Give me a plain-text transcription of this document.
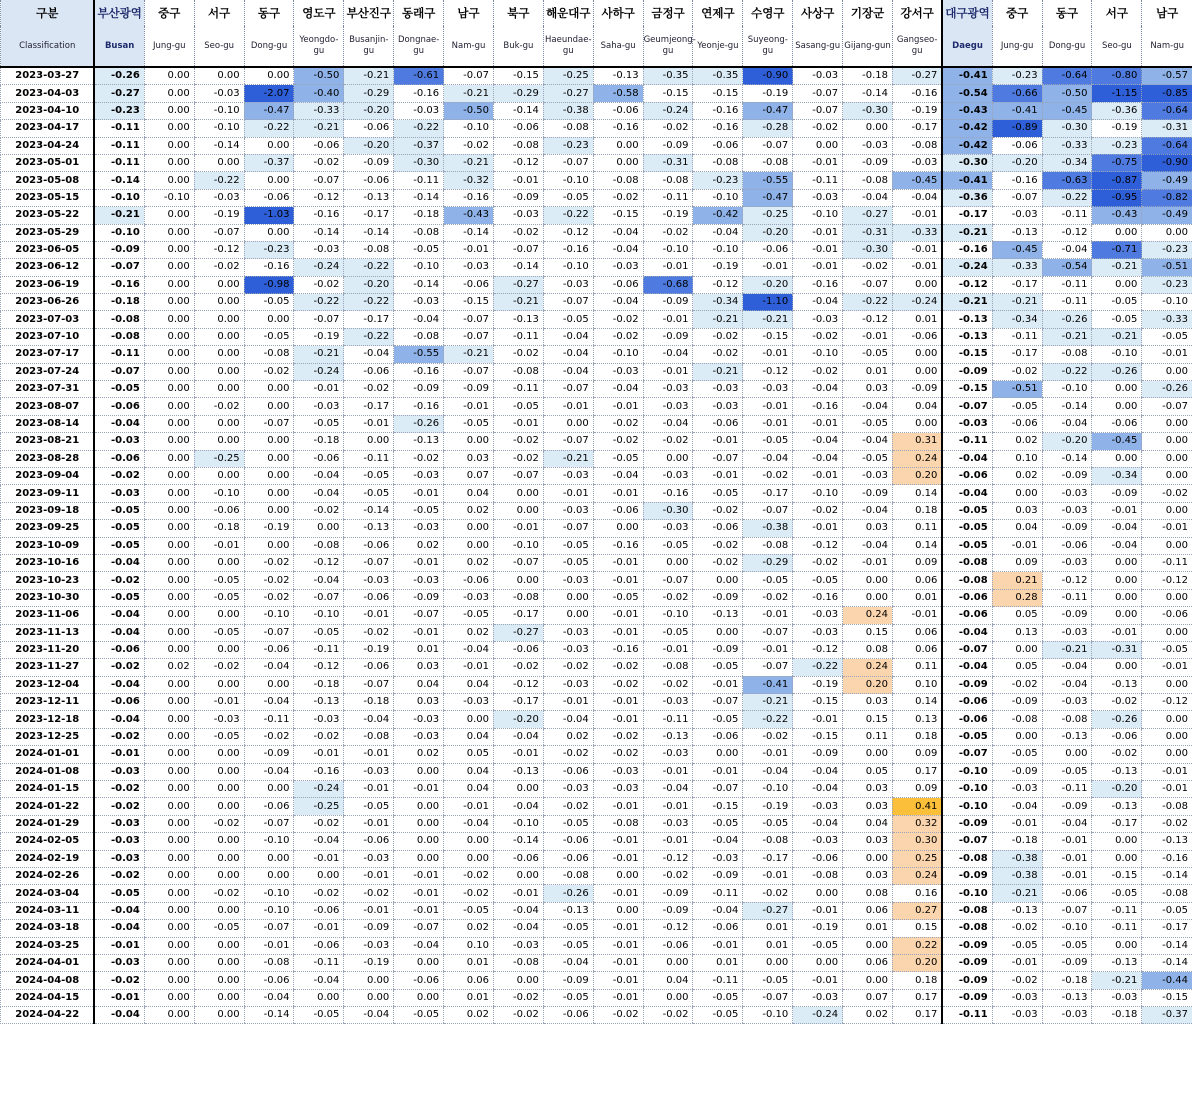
구분	부산광역	중구	서구	동구	영도구	부산진구	동래구	남구	북구	해운대구	사하구	금정구	연제구	수영구	사상구	기장군	강서구	대구광역	중구	동구	서구	남구
Classification	Busan	Jung-gu	Seo-gu	Dong-gu	Yeongdo-gu	Busanjin-gu	Dongnae-gu	Nam-gu	Buk-gu	Haeundae-gu	Saha-gu	Geumjeong-gu	Yeonje-gu	Suyeong-gu	Sasang-gu	Gijang-gun	Gangseo-gu	Daegu	Jung-gu	Dong-gu	Seo-gu	Nam-gu
2023-03-27	-0.26	0.00	0.00	0.00	-0.50	-0.21	-0.61	-0.07	-0.15	-0.25	-0.13	-0.35	-0.35	-0.90	-0.03	-0.18	-0.27	-0.41	-0.23	-0.64	-0.80	-0.57
2023-04-03	-0.27	0.00	-0.03	-2.07	-0.40	-0.29	-0.16	-0.21	-0.29	-0.27	-0.58	-0.15	-0.15	-0.19	-0.07	-0.14	-0.16	-0.54	-0.66	-0.50	-1.15	-0.85
2023-04-10	-0.23	0.00	-0.10	-0.47	-0.33	-0.20	-0.03	-0.50	-0.14	-0.38	-0.06	-0.24	-0.16	-0.47	-0.07	-0.30	-0.19	-0.43	-0.41	-0.45	-0.36	-0.64
2023-04-17	-0.11	0.00	-0.10	-0.22	-0.21	-0.06	-0.22	-0.10	-0.06	-0.08	-0.16	-0.02	-0.16	-0.28	-0.02	0.00	-0.17	-0.42	-0.89	-0.30	-0.19	-0.31
2023-04-24	-0.11	0.00	-0.14	0.00	-0.06	-0.20	-0.37	-0.02	-0.08	-0.23	0.00	-0.09	-0.06	-0.07	0.00	-0.03	-0.08	-0.42	-0.06	-0.33	-0.23	-0.64
2023-05-01	-0.11	0.00	0.00	-0.37	-0.02	-0.09	-0.30	-0.21	-0.12	-0.07	0.00	-0.31	-0.08	-0.08	-0.01	-0.09	-0.03	-0.30	-0.20	-0.34	-0.75	-0.90
2023-05-08	-0.14	0.00	-0.22	0.00	-0.07	-0.06	-0.11	-0.32	-0.01	-0.10	-0.08	-0.08	-0.23	-0.55	-0.11	-0.08	-0.45	-0.41	-0.16	-0.63	-0.87	-0.49
2023-05-15	-0.10	-0.10	-0.03	-0.06	-0.12	-0.13	-0.14	-0.16	-0.09	-0.05	-0.02	-0.11	-0.10	-0.47	-0.03	-0.04	-0.04	-0.36	-0.07	-0.22	-0.95	-0.82
2023-05-22	-0.21	0.00	-0.19	-1.03	-0.16	-0.17	-0.18	-0.43	-0.03	-0.22	-0.15	-0.19	-0.42	-0.25	-0.10	-0.27	-0.01	-0.17	-0.03	-0.11	-0.43	-0.49
2023-05-29	-0.10	0.00	-0.07	0.00	-0.14	-0.14	-0.08	-0.14	-0.02	-0.12	-0.04	-0.02	-0.04	-0.20	-0.01	-0.31	-0.33	-0.21	-0.13	-0.12	0.00	0.00
2023-06-05	-0.09	0.00	-0.12	-0.23	-0.03	-0.08	-0.05	-0.01	-0.07	-0.16	-0.04	-0.10	-0.10	-0.06	-0.01	-0.30	-0.01	-0.16	-0.45	-0.04	-0.71	-0.23
2023-06-12	-0.07	0.00	-0.02	-0.16	-0.24	-0.22	-0.10	-0.03	-0.14	-0.10	-0.03	-0.01	-0.19	-0.01	-0.01	-0.02	-0.01	-0.24	-0.33	-0.54	-0.21	-0.51
2023-06-19	-0.16	0.00	0.00	-0.98	-0.02	-0.20	-0.14	-0.06	-0.27	-0.03	-0.06	-0.68	-0.12	-0.20	-0.16	-0.07	0.00	-0.12	-0.17	-0.11	0.00	-0.23
2023-06-26	-0.18	0.00	0.00	-0.05	-0.22	-0.22	-0.03	-0.15	-0.21	-0.07	-0.04	-0.09	-0.34	-1.10	-0.04	-0.22	-0.24	-0.21	-0.21	-0.11	-0.05	-0.10
2023-07-03	-0.08	0.00	0.00	0.00	-0.07	-0.17	-0.04	-0.07	-0.13	-0.05	-0.02	-0.01	-0.21	-0.21	-0.03	-0.12	0.01	-0.13	-0.34	-0.26	-0.05	-0.33
2023-07-10	-0.08	0.00	0.00	-0.05	-0.19	-0.22	-0.08	-0.07	-0.11	-0.04	-0.02	-0.09	-0.02	-0.15	-0.02	-0.01	-0.06	-0.13	-0.11	-0.21	-0.21	-0.05
2023-07-17	-0.11	0.00	0.00	-0.08	-0.21	-0.04	-0.55	-0.21	-0.02	-0.04	-0.10	-0.04	-0.02	-0.01	-0.10	-0.05	0.00	-0.15	-0.17	-0.08	-0.10	-0.01
2023-07-24	-0.07	0.00	0.00	-0.02	-0.24	-0.06	-0.16	-0.07	-0.08	-0.04	-0.03	-0.01	-0.21	-0.12	-0.02	0.01	0.00	-0.09	-0.02	-0.22	-0.26	0.00
2023-07-31	-0.05	0.00	0.00	0.00	-0.01	-0.02	-0.09	-0.09	-0.11	-0.07	-0.04	-0.03	-0.03	-0.03	-0.04	0.03	-0.09	-0.15	-0.51	-0.10	0.00	-0.26
2023-08-07	-0.06	0.00	-0.02	0.00	-0.03	-0.17	-0.16	-0.01	-0.05	-0.01	-0.01	-0.03	-0.03	-0.01	-0.16	-0.04	0.04	-0.07	-0.05	-0.14	0.00	-0.07
2023-08-14	-0.04	0.00	0.00	-0.07	-0.05	-0.01	-0.26	-0.05	-0.01	0.00	-0.02	-0.04	-0.06	-0.01	-0.01	-0.05	0.00	-0.03	-0.06	-0.04	-0.06	0.00
2023-08-21	-0.03	0.00	0.00	0.00	-0.18	0.00	-0.13	0.00	-0.02	-0.07	-0.02	-0.02	-0.01	-0.05	-0.04	-0.04	0.31	-0.11	0.02	-0.20	-0.45	0.00
2023-08-28	-0.06	0.00	-0.25	0.00	-0.06	-0.11	-0.02	0.03	-0.02	-0.21	-0.05	0.00	-0.07	-0.04	-0.04	-0.05	0.24	-0.04	0.10	-0.14	0.00	0.00
2023-09-04	-0.02	0.00	0.00	0.00	-0.04	-0.05	-0.03	0.07	-0.07	-0.03	-0.04	-0.03	-0.01	-0.02	-0.01	-0.03	0.20	-0.06	0.02	-0.09	-0.34	0.00
2023-09-11	-0.03	0.00	-0.10	0.00	-0.04	-0.05	-0.01	0.04	0.00	-0.01	-0.01	-0.16	-0.05	-0.17	-0.10	-0.09	0.14	-0.04	0.00	-0.03	-0.09	-0.02
2023-09-18	-0.05	0.00	-0.06	0.00	-0.02	-0.14	-0.05	0.02	0.00	-0.03	-0.06	-0.30	-0.02	-0.07	-0.02	-0.04	0.18	-0.05	0.03	-0.03	-0.01	0.00
2023-09-25	-0.05	0.00	-0.18	-0.19	0.00	-0.13	-0.03	0.00	-0.01	-0.07	0.00	-0.03	-0.06	-0.38	-0.01	0.03	0.11	-0.05	0.04	-0.09	-0.04	-0.01
2023-10-09	-0.05	0.00	-0.01	0.00	-0.08	-0.06	0.02	0.00	-0.10	-0.05	-0.16	-0.05	-0.02	-0.08	-0.12	-0.04	0.14	-0.05	-0.01	-0.06	-0.04	0.00
2023-10-16	-0.04	0.00	0.00	-0.02	-0.12	-0.07	-0.01	0.02	-0.07	-0.05	-0.01	0.00	-0.02	-0.29	-0.02	-0.01	0.09	-0.08	0.09	-0.03	0.00	-0.11
2023-10-23	-0.02	0.00	-0.05	-0.02	-0.04	-0.03	-0.03	-0.06	0.00	-0.03	-0.01	-0.07	0.00	-0.05	-0.05	0.00	0.06	-0.08	0.21	-0.12	0.00	-0.12
2023-10-30	-0.05	0.00	-0.05	-0.02	-0.07	-0.06	-0.09	-0.03	-0.08	0.00	-0.05	-0.02	-0.09	-0.02	-0.16	0.00	0.01	-0.06	0.28	-0.11	0.00	0.00
2023-11-06	-0.04	0.00	0.00	-0.10	-0.10	-0.01	-0.07	-0.05	-0.17	0.00	-0.01	-0.10	-0.13	-0.01	-0.03	0.24	-0.01	-0.06	0.05	-0.09	0.00	-0.06
2023-11-13	-0.04	0.00	-0.05	-0.07	-0.05	-0.02	-0.01	0.02	-0.27	-0.03	-0.01	-0.05	0.00	-0.07	-0.03	0.15	0.06	-0.04	0.13	-0.03	-0.01	0.00
2023-11-20	-0.06	0.00	0.00	-0.06	-0.11	-0.19	0.01	-0.04	-0.06	-0.03	-0.16	-0.01	-0.09	-0.01	-0.12	0.08	0.06	-0.07	0.00	-0.21	-0.31	-0.05
2023-11-27	-0.02	0.02	-0.02	-0.04	-0.12	-0.06	0.03	-0.01	-0.02	-0.02	-0.02	-0.08	-0.05	-0.07	-0.22	0.24	0.11	-0.04	0.05	-0.04	0.00	-0.01
2023-12-04	-0.04	0.00	0.00	0.00	-0.18	-0.07	0.04	0.04	-0.12	-0.03	-0.02	-0.02	-0.01	-0.41	-0.19	0.20	0.10	-0.09	-0.02	-0.04	-0.13	0.00
2023-12-11	-0.06	0.00	-0.01	-0.04	-0.13	-0.18	0.03	-0.03	-0.17	-0.01	-0.01	-0.03	-0.07	-0.21	-0.15	0.03	0.14	-0.06	-0.09	-0.03	-0.02	-0.12
2023-12-18	-0.04	0.00	-0.03	-0.11	-0.03	-0.04	-0.03	0.00	-0.20	-0.04	-0.01	-0.11	-0.05	-0.22	-0.01	0.15	0.13	-0.06	-0.08	-0.08	-0.26	0.00
2023-12-25	-0.02	0.00	-0.05	-0.02	-0.02	-0.08	-0.03	0.04	-0.04	0.02	-0.02	-0.13	-0.06	-0.02	-0.15	0.11	0.18	-0.05	0.00	-0.13	-0.06	0.00
2024-01-01	-0.01	0.00	0.00	-0.09	-0.01	-0.01	0.02	0.05	-0.01	-0.02	-0.02	-0.03	0.00	-0.01	-0.09	0.00	0.09	-0.07	-0.05	0.00	-0.02	0.00
2024-01-08	-0.03	0.00	0.00	-0.04	-0.16	-0.03	0.00	0.04	-0.13	-0.06	-0.03	-0.01	-0.01	-0.04	-0.04	0.05	0.17	-0.10	-0.09	-0.05	-0.13	-0.01
2024-01-15	-0.02	0.00	0.00	0.00	-0.24	-0.01	-0.01	0.04	0.00	-0.03	-0.03	-0.04	-0.07	-0.10	-0.04	0.03	0.09	-0.10	-0.03	-0.11	-0.20	-0.01
2024-01-22	-0.02	0.00	0.00	-0.06	-0.25	-0.05	0.00	-0.01	-0.04	-0.02	-0.01	-0.01	-0.15	-0.19	-0.03	0.03	0.41	-0.10	-0.04	-0.09	-0.13	-0.08
2024-01-29	-0.03	0.00	-0.02	-0.07	-0.02	-0.01	0.00	-0.04	-0.10	-0.05	-0.08	-0.03	-0.05	-0.05	-0.04	0.04	0.32	-0.09	-0.01	-0.04	-0.17	-0.02
2024-02-05	-0.03	0.00	0.00	-0.10	-0.04	-0.06	0.00	0.00	-0.14	-0.06	-0.01	-0.01	-0.04	-0.08	-0.03	0.03	0.30	-0.07	-0.18	-0.01	0.00	-0.13
2024-02-19	-0.03	0.00	0.00	0.00	-0.01	-0.03	0.00	0.00	-0.06	-0.06	-0.01	-0.12	-0.03	-0.17	-0.06	0.00	0.25	-0.08	-0.38	-0.01	0.00	-0.16
2024-02-26	-0.02	0.00	0.00	0.00	0.00	-0.01	-0.01	-0.02	0.00	-0.08	0.00	-0.02	-0.09	-0.01	-0.08	0.03	0.24	-0.09	-0.38	-0.01	-0.15	-0.14
2024-03-04	-0.05	0.00	-0.02	-0.10	-0.02	-0.02	-0.01	-0.02	-0.01	-0.26	-0.01	-0.09	-0.11	-0.02	0.00	0.08	0.16	-0.10	-0.21	-0.06	-0.05	-0.08
2024-03-11	-0.04	0.00	0.00	-0.10	-0.06	-0.01	-0.01	-0.05	-0.04	-0.13	0.00	-0.09	-0.04	-0.27	-0.01	0.06	0.27	-0.08	-0.13	-0.07	-0.11	-0.05
2024-03-18	-0.04	0.00	-0.05	-0.07	-0.01	-0.09	-0.07	0.02	-0.04	-0.05	-0.01	-0.12	-0.06	0.01	-0.19	0.01	0.15	-0.08	-0.02	-0.10	-0.11	-0.17
2024-03-25	-0.01	0.00	0.00	-0.01	-0.06	-0.03	-0.04	0.10	-0.03	-0.05	-0.01	-0.06	-0.01	0.01	-0.05	0.00	0.22	-0.09	-0.05	-0.05	0.00	-0.14
2024-04-01	-0.03	0.00	0.00	-0.08	-0.11	-0.19	0.00	0.01	-0.08	-0.04	-0.01	0.00	0.01	0.00	0.00	0.06	0.20	-0.09	-0.01	-0.09	-0.13	-0.14
2024-04-08	-0.02	0.00	0.00	-0.06	-0.04	0.00	-0.06	0.06	0.00	-0.09	-0.01	0.04	-0.11	-0.05	-0.01	0.00	0.18	-0.09	-0.02	-0.18	-0.21	-0.44
2024-04-15	-0.01	0.00	0.00	-0.04	0.00	0.00	0.00	0.01	-0.02	-0.05	-0.01	0.00	-0.05	-0.07	-0.03	0.07	0.17	-0.09	-0.03	-0.13	-0.03	-0.15
2024-04-22	-0.04	0.00	0.00	-0.14	-0.05	-0.04	-0.05	0.02	-0.02	-0.06	-0.02	-0.02	-0.05	-0.10	-0.24	0.02	0.17	-0.11	-0.03	-0.03	-0.18	-0.37
